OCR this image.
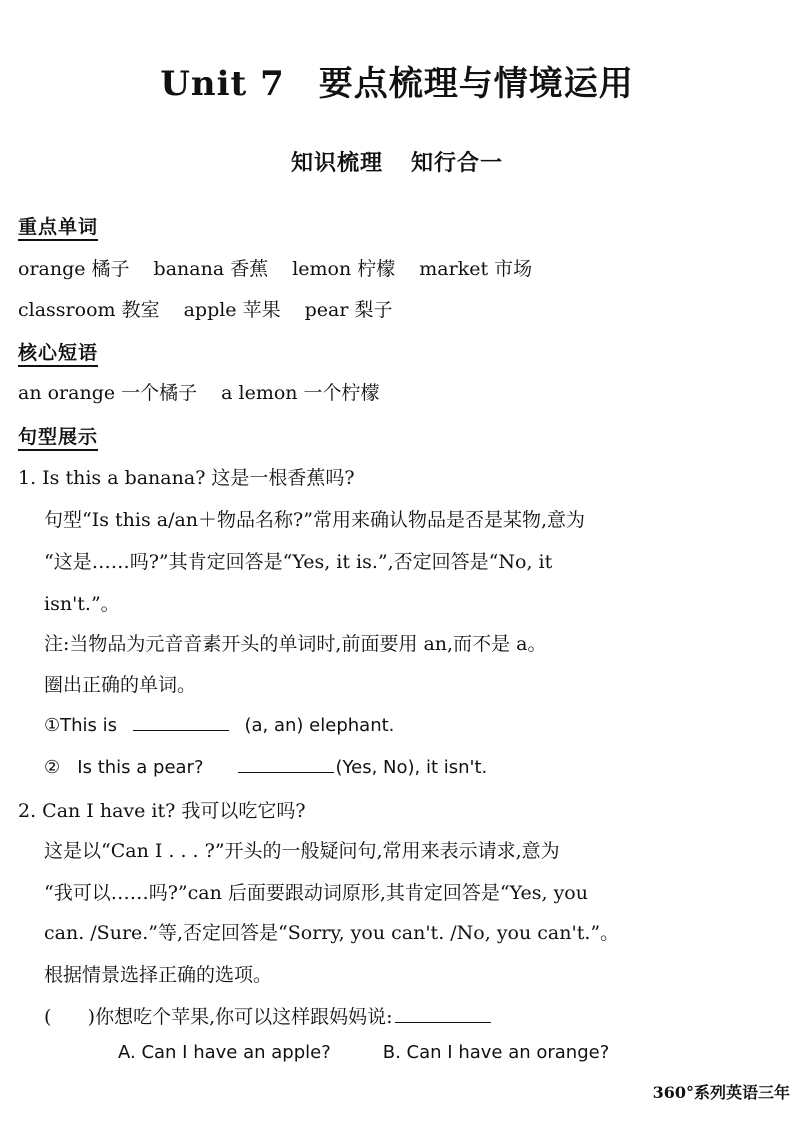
Unit 7 要点梳理与情境运用
知识梳理 知行合一
重点单词
orange 橘子 banana 香蕉 lemon 柠檬 market 市场
classroom 教室 apple 苹果 pear 梨子
核心短语
an orange 一个橘子 a lemon 一个柠檬
句型展示
1. Is this a banana? 这是一根香蕉吗?
句型“Is this a/an＋物品名称?”常用来确认物品是否是某物,意为
“这是……吗?”其肯定回答是“Yes, it is.”,否定回答是“No, it
isn't.”。
注:当物品为元音音素开头的单词时,前面要用 an,而不是 a。
圈出正确的单词。
①This is	(a, an) elephant.
②   Is this a pear?	(Yes, No), it isn't.
2. Can I have it? 我可以吃它吗?
这是以“Can I . . . ?”开头的一般疑问句,常用来表示请求,意为
“我可以……吗?”can 后面要跟动词原形,其肯定回答是“Yes, you
can. /Sure.”等,否定回答是“Sorry, you can't. /No, you can't.”。
根据情景选择正确的选项。
(      )你想吃个苹果,你可以这样跟妈妈说:
A. Can I have an apple?	B. Can I have an orange?
360°系列英语三年
